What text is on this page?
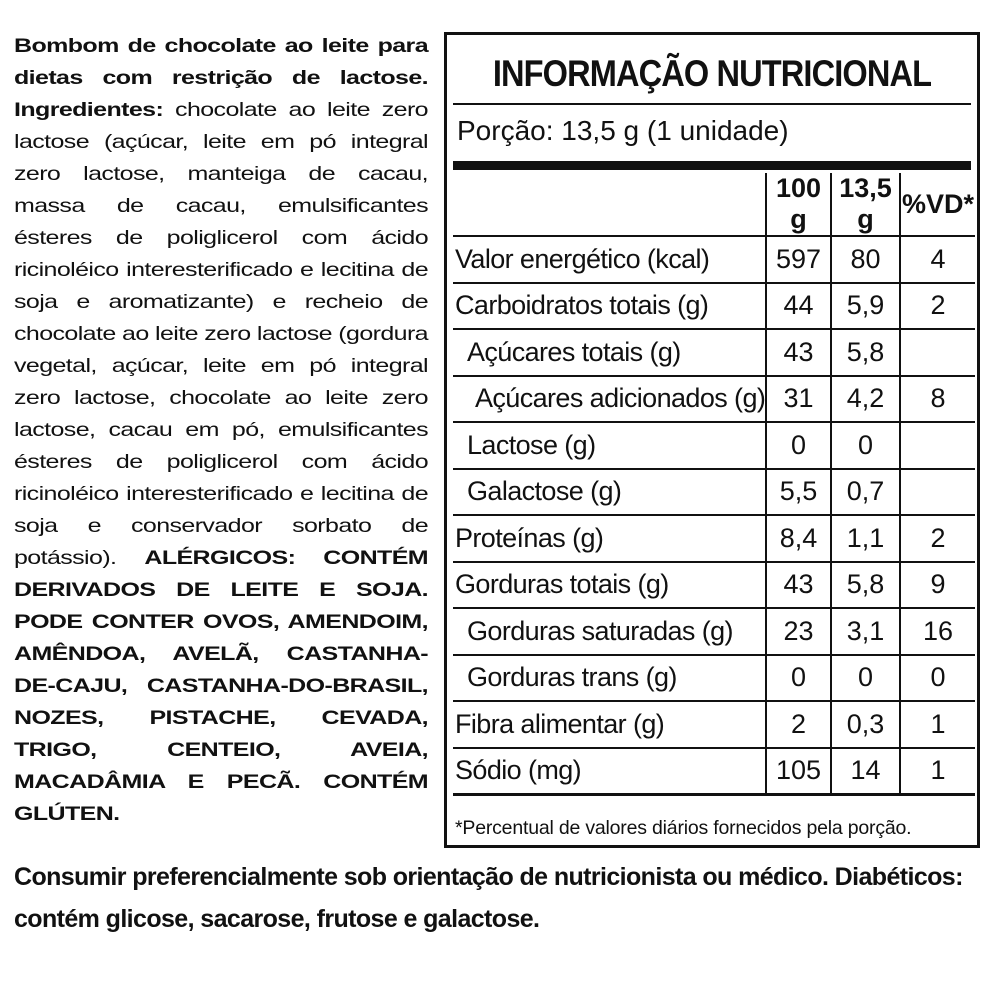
Bombom de chocolate ao leite para dietas com restrição de lactose. Ingredientes: chocolate ao leite zero lactose (açúcar, leite em pó integral zero lactose, manteiga de cacau, massa de cacau, emulsificantes ésteres de poliglicerol com ácido ricinoléico interesterificado e lecitina de soja e aromatizante) e recheio de chocolate ao leite zero lactose (gordura vegetal, açúcar, leite em pó integral zero lactose, chocolate ao leite zero lactose, cacau em pó, emulsificantes ésteres de poliglicerol com ácido ricinoléico interesterificado e lecitina de soja e conservador sorbato de potássio). ALÉRGICOS: CONTÉM DERIVADOS DE LEITE E SOJA. PODE CONTER OVOS, AMENDOIM, AMÊNDOA, AVELÃ, CASTANHA- DE-CAJU, CASTANHA-DO-BRASIL, NOZES, PISTACHE, CEVADA, TRIGO, CENTEIO, AVEIA, MACADÂMIA E PECÃ. CONTÉM GLÚTEN.
INFORMAÇÃO NUTRICIONAL
Porção: 13,5 g (1 unidade)
	100 g	13,5 g	%VD*
Valor energético (kcal)	597	80	4
Carboidratos totais (g)	44	5,9	2
Açúcares totais (g)	43	5,8	
Açúcares adicionados (g)	31	4,2	8
Lactose (g)	0	0	
Galactose (g)	5,5	0,7	
Proteínas (g)	8,4	1,1	2
Gorduras totais (g)	43	5,8	9
Gorduras saturadas (g)	23	3,1	16
Gorduras trans (g)	0	0	0
Fibra alimentar (g)	2	0,3	1
Sódio (mg)	105	14	1
*Percentual de valores diários fornecidos pela porção.
Consumir preferencialmente sob orientação de nutricionista ou médico. Diabéticos: contém glicose, sacarose, frutose e galactose.
